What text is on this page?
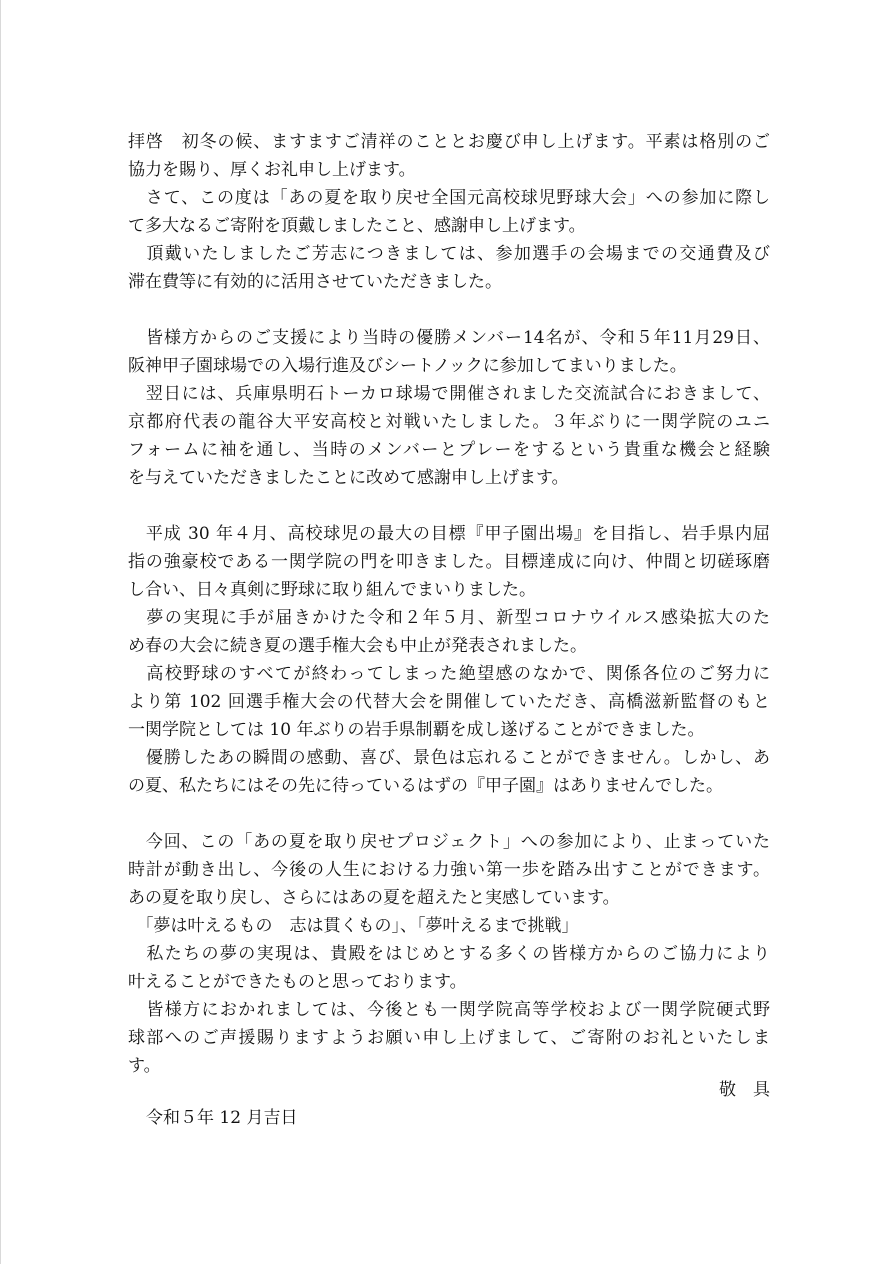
拝啓　初冬の候、ますますご清祥のこととお慶び申し上げます。平素は格別のご
協力を賜り、厚くお礼申し上げます。
　さて、この度は「あの夏を取り戻せ全国元高校球児野球大会」への参加に際し
て多大なるご寄附を頂戴しましたこと、感謝申し上げます。
　頂戴いたしましたご芳志につきましては、参加選手の会場までの交通費及び
滞在費等に有効的に活用させていただきました。
　皆様方からのご支援により当時の優勝メンバー14名が、令和５年11月29日、
阪神甲子園球場での入場行進及びシートノックに参加してまいりました。
　翌日には、兵庫県明石トーカロ球場で開催されました交流試合におきまして、
京都府代表の龍谷大平安高校と対戦いたしました。３年ぶりに一関学院のユニ
フォームに袖を通し、当時のメンバーとプレーをするという貴重な機会と経験
を与えていただきましたことに改めて感謝申し上げます。
　平成 30 年４月、高校球児の最大の目標『甲子園出場』を目指し、岩手県内屈
指の強豪校である一関学院の門を叩きました。目標達成に向け、仲間と切磋琢磨
し合い、日々真剣に野球に取り組んでまいりました。
　夢の実現に手が届きかけた令和２年５月、新型コロナウイルス感染拡大のた
め春の大会に続き夏の選手権大会も中止が発表されました。
　高校野球のすべてが終わってしまった絶望感のなかで、関係各位のご努力に
より第 102 回選手権大会の代替大会を開催していただき、高橋滋新監督のもと
一関学院としては 10 年ぶりの岩手県制覇を成し遂げることができました。
　優勝したあの瞬間の感動、喜び、景色は忘れることができません。しかし、あ
の夏、私たちにはその先に待っているはずの『甲子園』はありませんでした。
　今回、この「あの夏を取り戻せプロジェクト」への参加により、止まっていた
時計が動き出し、今後の人生における力強い第一歩を踏み出すことができます。
あの夏を取り戻し、さらにはあの夏を超えたと実感しています。
　「夢は叶えるもの　志は貫くもの」、「夢叶えるまで挑戦」
　私たちの夢の実現は、貴殿をはじめとする多くの皆様方からのご協力により
叶えることができたものと思っております。
　皆様方におかれましては、今後とも一関学院高等学校および一関学院硬式野
球部へのご声援賜りますようお願い申し上げまして、ご寄附のお礼といたしま
す。
敬　具
令和５年 12 月吉日
